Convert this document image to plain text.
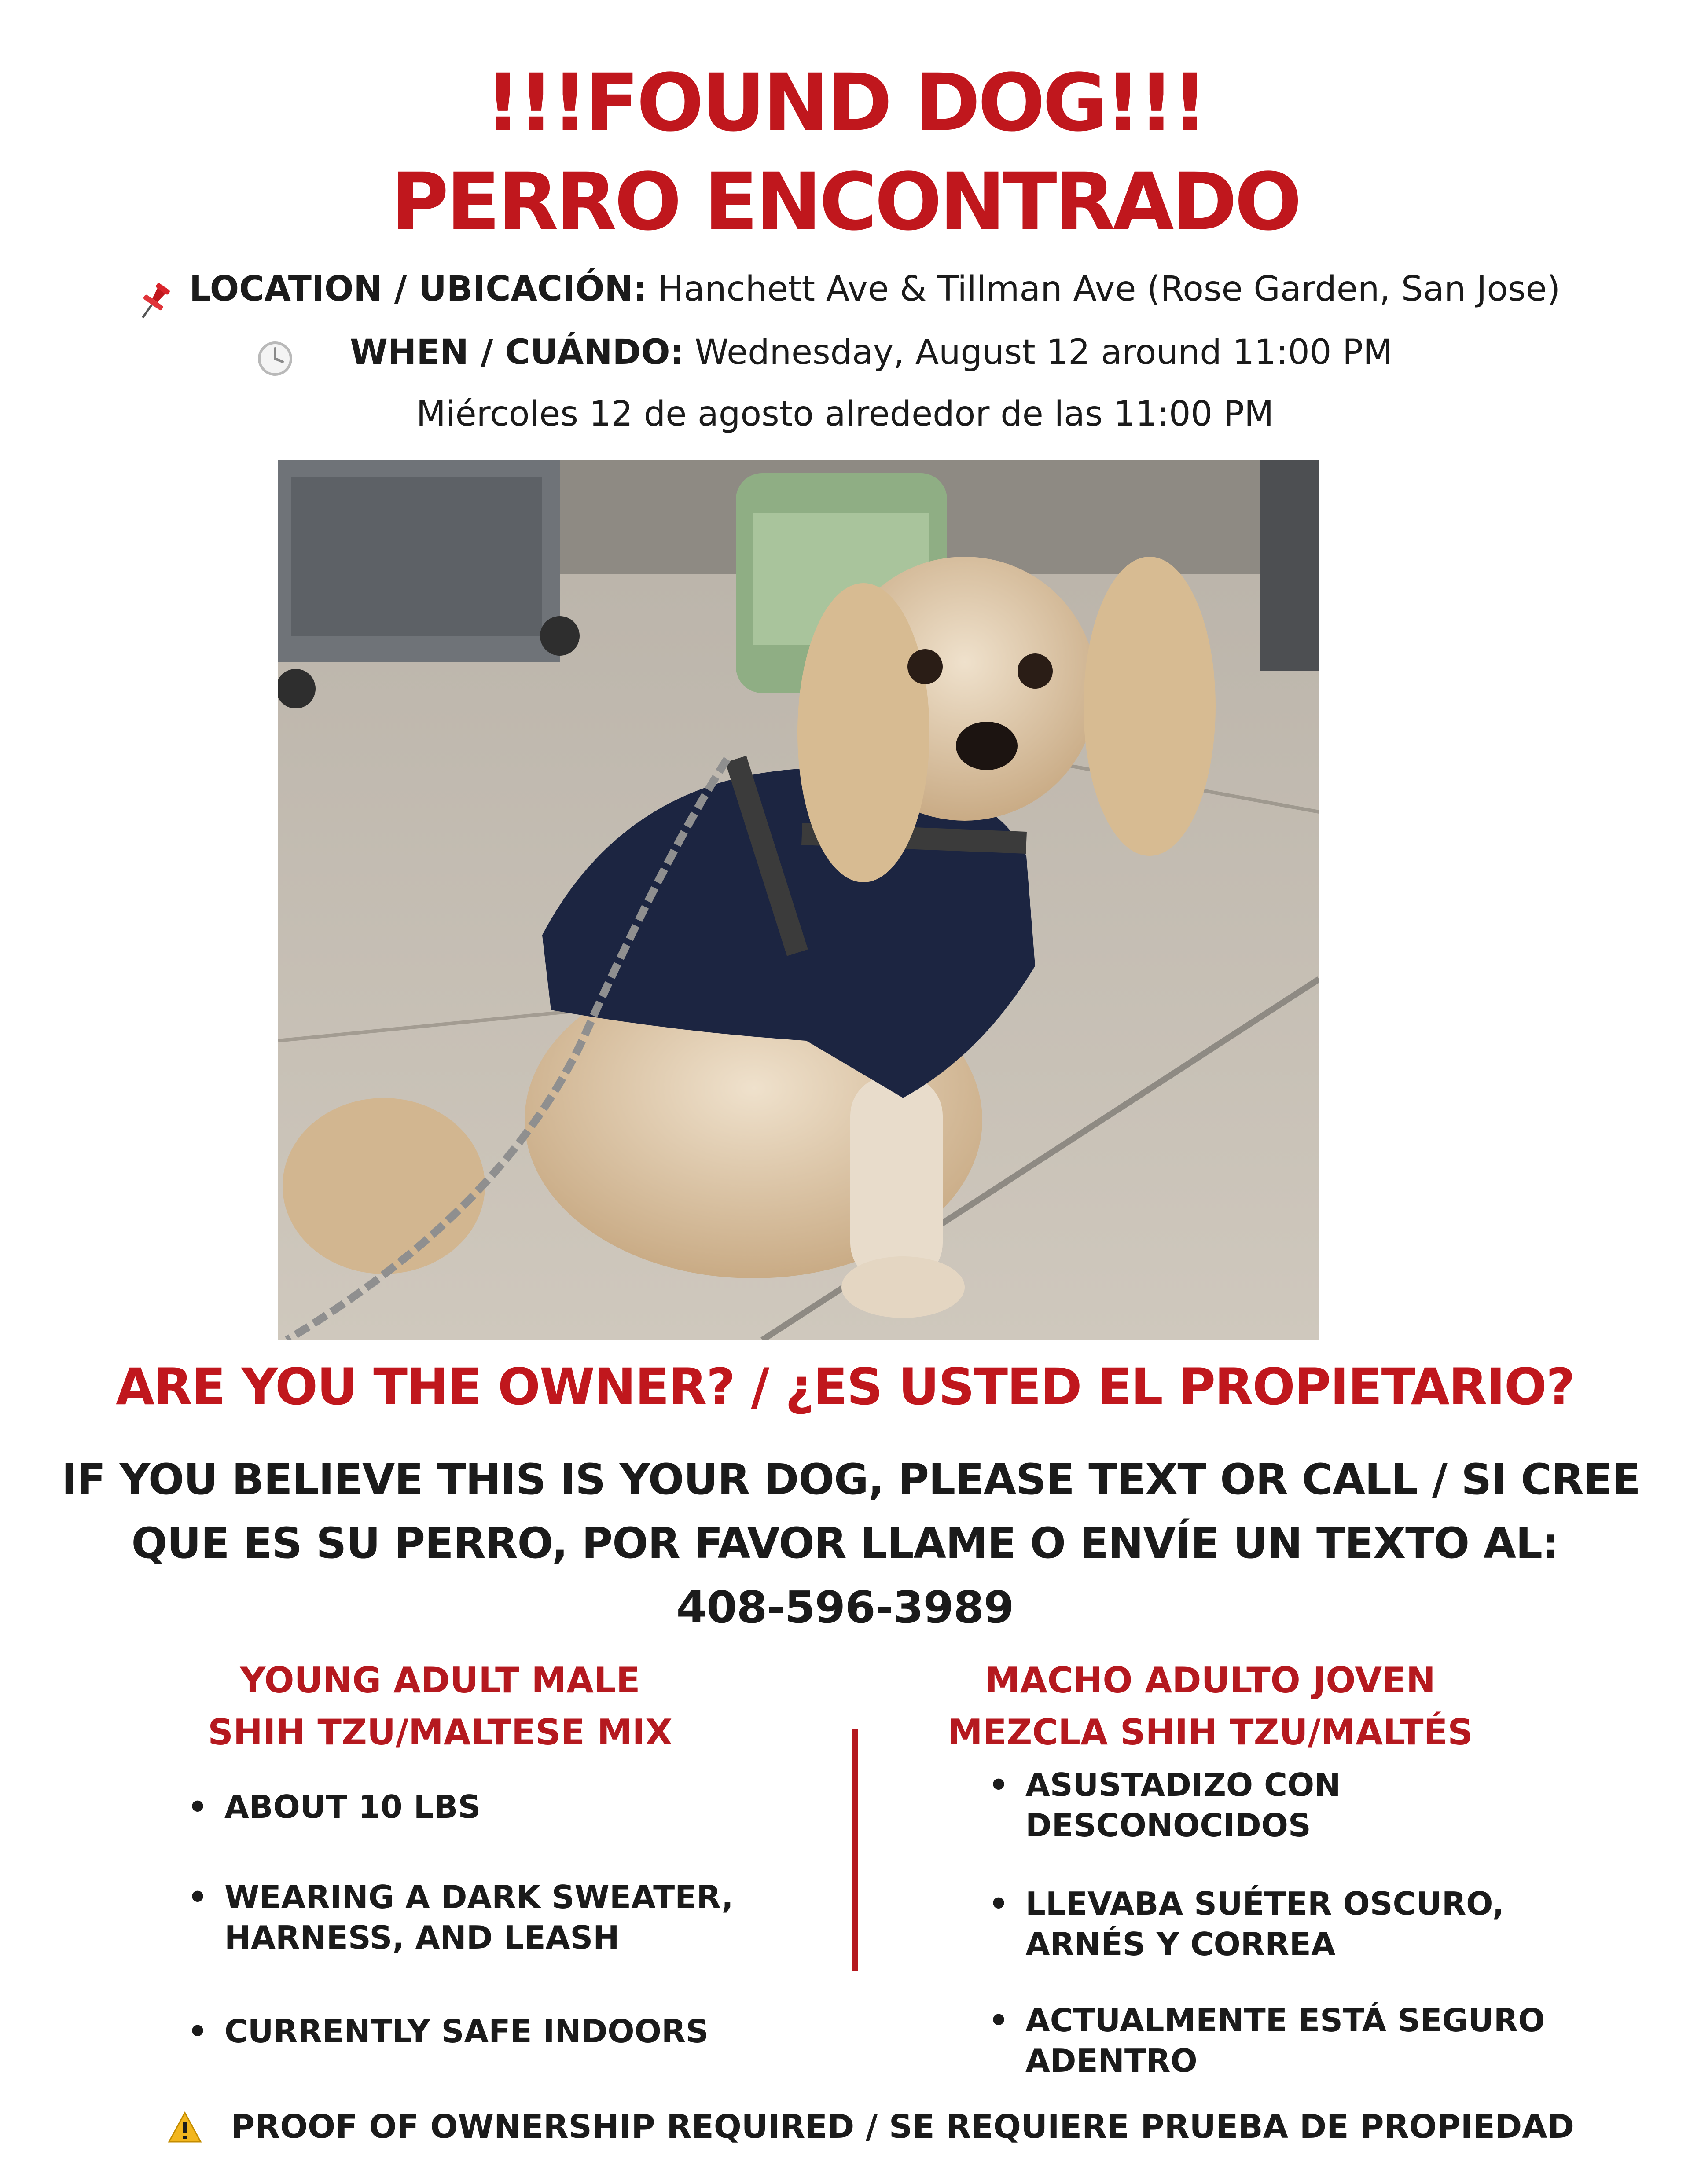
!!!FOUND DOG!!!
PERRO ENCONTRADO
LOCATION / UBICACIÓN: Hanchett Ave & Tillman Ave (Rose Garden, San Jose)
WHEN / CUÁNDO: Wednesday, August 12 around 11:00 PM
Miércoles 12 de agosto alrededor de las 11:00 PM
ARE YOU THE OWNER? / ¿ES USTED EL PROPIETARIO?
IF YOU BELIEVE THIS IS YOUR DOG, PLEASE TEXT OR CALL / SI CREE
QUE ES SU PERRO, POR FAVOR LLAME O ENVÍE UN TEXTO AL:
408-596-3989
YOUNG ADULT MALE
SHIH TZU/MALTESE MIX
• ABOUT 10 LBS
• WEARING A DARK SWEATER,
HARNESS, AND LEASH
• CURRENTLY SAFE INDOORS
MACHO ADULTO JOVEN
MEZCLA SHIH TZU/MALTÉS
• ASUSTADIZO CON
DESCONOCIDOS
• LLEVABA SUÉTER OSCURO,
ARNÉS Y CORREA
• ACTUALMENTE ESTÁ SEGURO
ADENTRO
PROOF OF OWNERSHIP REQUIRED / SE REQUIERE PRUEBA DE PROPIEDAD
